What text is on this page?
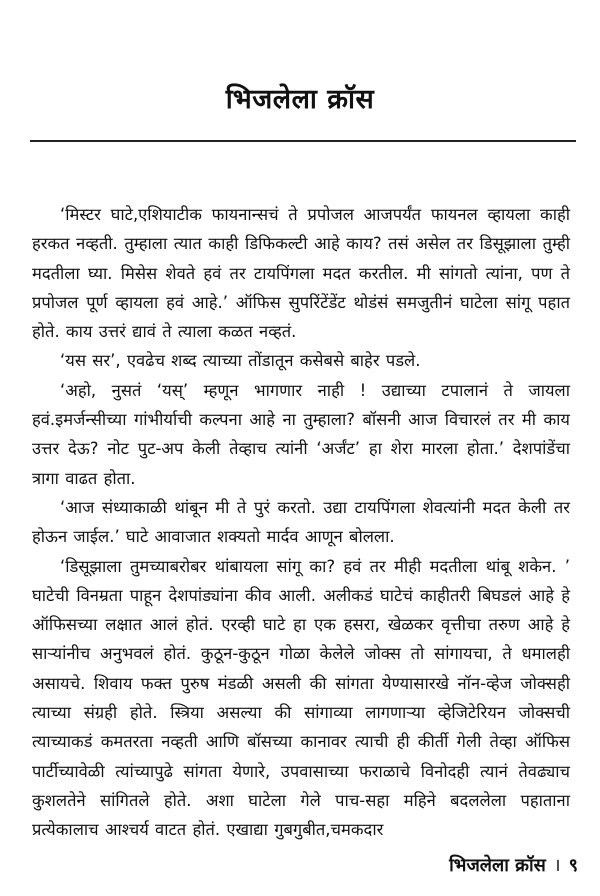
भिजलेला क्रॉस

‘मिस्टर घाटे,एशियाटीक फायनान्सचं ते प्रपोजल आजपर्यंत फायनल व्हायला काही हरकत नव्हती. तुम्हाला त्यात काही डिफिकल्टी आहे काय? तसं असेल तर डिसूझाला तुम्ही मदतीला घ्या. मिसेस शेवते हवं तर टायपिंगला मदत करतील. मी सांगतो त्यांना, पण ते प्रपोजल पूर्ण व्हायला हवं आहे.’ ऑफिस सुपरिंटेंडेंट थोडंसं समजुतीनं घाटेला सांगू पहात होते. काय उत्तरं द्यावं ते त्याला कळत नव्हतं.

‘यस सर’, एवढेच शब्द त्याच्या तोंडातून कसेबसे बाहेर पडले.

‘अहो, नुसतं ‘यस्’ म्हणून भागणार नाही ! उद्याच्या टपालानं ते जायला हवं.इमर्जन्सीच्या गांभीर्याची कल्पना आहे ना तुम्हाला? बॉसनी आज विचारलं तर मी काय उत्तर देऊ? नोट पुट-अप केली तेव्हाच त्यांनी ‘अर्जंट’ हा शेरा मारला होता.’ देशपांडेंचा त्रागा वाढत होता.

‘आज संध्याकाळी थांबून मी ते पुरं करतो. उद्या टायपिंगला शेवत्यांनी मदत केली तर होऊन जाईल.’ घाटे आवाजात शक्यतो मार्दव आणून बोलला.

‘डिसूझाला तुमच्याबरोबर थांबायला सांगू का? हवं तर मीही मदतीला थांबू शकेन. ’ घाटेची विनम्रता पाहून देशपांड्यांना कीव आली. अलीकडं घाटेचं काहीतरी बिघडलं आहे हे ऑफिसच्या लक्षात आलं होतं. एरव्ही घाटे हा एक हसरा, खेळकर वृत्तीचा तरुण आहे हे साऱ्यांनीच अनुभवलं होतं. कुठून-कुठून गोळा केलेले जोक्स तो सांगायचा, ते धमालही असायचे. शिवाय फक्त पुरुष मंडळी असली की सांगता येण्यासारखे नॉन-व्हेज जोक्सही त्याच्या संग्रही होते. स्त्रिया असल्या की सांगाव्या लागणाऱ्या व्हेजिटेरियन जोक्सची त्याच्याकडं कमतरता नव्हती आणि बॉसच्या कानावर त्याची ही कीर्ती गेली तेव्हा ऑफिस पार्टीच्यावेळी त्यांच्यापुढे सांगता येणारे, उपवासाच्या फराळाचे विनोदही त्यानं तेवढ्याच कुशलतेने सांगितले होते. अशा घाटेला गेले पाच-सहा महिने बदललेला पहाताना प्रत्येकालाच आश्चर्य वाटत होतं. एखाद्या गुबगुबीत,चमकदार

भिजलेला क्रॉस । ९
